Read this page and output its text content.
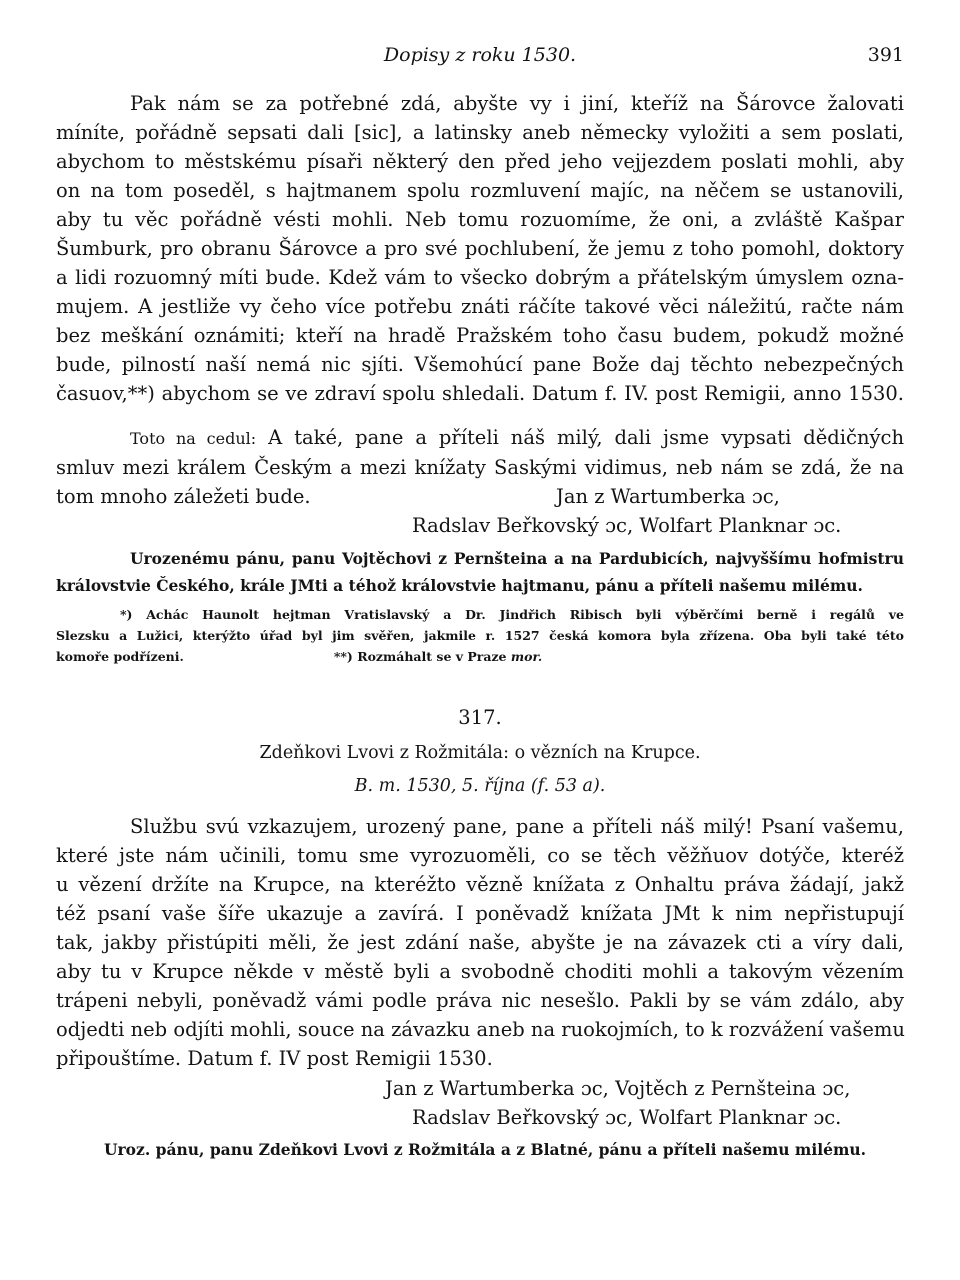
Dopisy z roku 1530.	391

Pak nám se za potřebné zdá, abyšte vy i jiní, kteříž na Šárovce žalovati

míníte, pořádně sepsati dali [sic], a latinsky aneb německy vyložiti a sem poslati,

abychom to městskému písaři některý den před jeho vejjezdem poslati mohli, aby

on na tom poseděl, s hajtmanem spolu rozmluvení majíc, na něčem se ustanovili,

aby tu věc pořádně vésti mohli. Neb tomu rozuomíme, že oni, a zvláště Kašpar

Šumburk, pro obranu Šárovce a pro své pochlubení, že jemu z toho pomohl, doktory

a lidi rozuomný míti bude. Kdež vám to všecko dobrým a přátelským úmyslem ozna-

mujem. A jestliže vy čeho více potřebu znáti ráčíte takové věci náležitú, račte nám

bez meškání oznámiti; kteří na hradě Pražském toho času budem, pokudž možné

bude, pilností naší nemá nic sjíti. Všemohúcí pane Bože daj těchto nebezpečných

časuov,**) abychom se ve zdraví spolu shledali. Datum f. IV. post Remigii, anno 1530.

Toto na cedul: A také, pane a příteli náš milý, dali jsme vypsati dědičných

smluv mezi králem Českým a mezi knížaty Saskými vidimus, neb nám se zdá, že na

tom mnoho záležeti bude.	Jan z Wartumberka ɔc,
Radslav Beřkovský ɔc, Wolfart Planknar ɔc.

Urozenému pánu, panu Vojtěchovi z Pernšteina a na Pardubicích, najvyššímu hofmistru

královstvie Českého, krále JMti a téhož královstvie hajtmanu, pánu a příteli našemu milému.

*) Achác Haunolt hejtman Vratislavský a Dr. Jindřich Ribisch byli výběrčími berně i regálů ve

Slezsku a Lužici, kterýžto úřad byl jim svěřen, jakmile r. 1527 česká komora byla zřízena. Oba byli také této

komoře podřízeni.	**) Rozmáhalt se v Praze mor.

317.
Zdeňkovi Lvovi z Rožmitála: o vězních na Krupce.
B. m. 1530, 5. října (f. 53 a).

Službu svú vzkazujem, urozený pane, pane a příteli náš milý! Psaní vašemu,

které jste nám učinili, tomu sme vyrozuoměli, co se těch věžňuov dotýče, kteréž

u vězení držíte na Krupce, na kteréžto vězně knížata z Onhaltu práva žádají, jakž

též psaní vaše šíře ukazuje a zavírá. I poněvadž knížata JMt k nim nepřistupují

tak, jakby přistúpiti měli, že jest zdání naše, abyšte je na závazek cti a víry dali,

aby tu v Krupce někde v městě byli a svobodně choditi mohli a takovým vězením

trápeni nebyli, poněvadž vámi podle práva nic nesešlo. Pakli by se vám zdálo, aby

odjedti neb odjíti mohli, souce na závazku aneb na ruokojmích, to k rozvážení vašemu

připouštíme. Datum f. IV post Remigii 1530.

Jan z Wartumberka ɔc, Vojtěch z Pernšteina ɔc,
Radslav Beřkovský ɔc, Wolfart Planknar ɔc.
Uroz. pánu, panu Zdeňkovi Lvovi z Rožmitála a z Blatné, pánu a příteli našemu milému.
